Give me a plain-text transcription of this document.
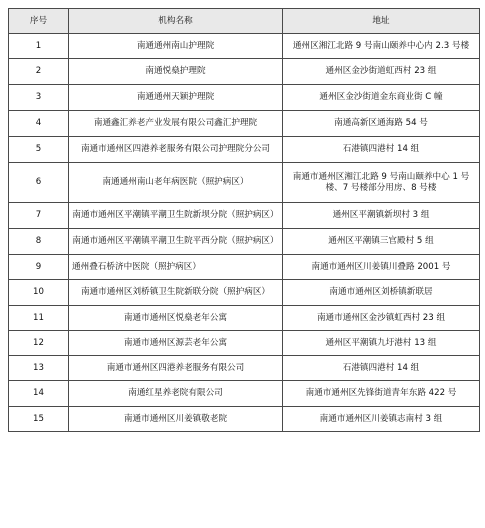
序号	机构名称	地址
1	南通通州南山护理院	通州区湘江北路 9 号南山颐养中心内 2.3 号楼
2	南通悦燊护理院	通州区金沙街道虹西村 23 组
3	南通通州天颖护理院	通州区金沙街道金东商业街 C 幢
4	南通鑫汇养老产业发展有限公司鑫汇护理院	南通高新区通海路 54 号
5	南通市通州区四港养老服务有限公司护理院分公司	石港镇四港村 14 组
6	南通通州南山老年病医院（照护病区）	南通市通州区湘江北路 9 号南山颐养中心 1 号楼、7 号楼部分用房、8 号楼
7	南通市通州区平潮镇平潮卫生院新坝分院（照护病区）	通州区平潮镇新坝村 3 组
8	南通市通州区平潮镇平潮卫生院平西分院（照护病区）	通州区平潮镇三官殿村 5 组
9	通州叠石桥济中医院（照护病区）	南通市通州区川姜镇川叠路 2001 号
10	南通市通州区刘桥镇卫生院新联分院（照护病区）	南通市通州区刘桥镇新联居
11	南通市通州区悦燊老年公寓	南通市通州区金沙镇虹西村 23 组
12	南通市通州区源芸老年公寓	通州区平潮镇九圩港村 13 组
13	南通市通州区四港养老服务有限公司	石港镇四港村 14 组
14	南通红星养老院有限公司	南通市通州区先锋街道青年东路 422 号
15	南通市通州区川姜镇敬老院	南通市通州区川姜镇志南村 3 组
